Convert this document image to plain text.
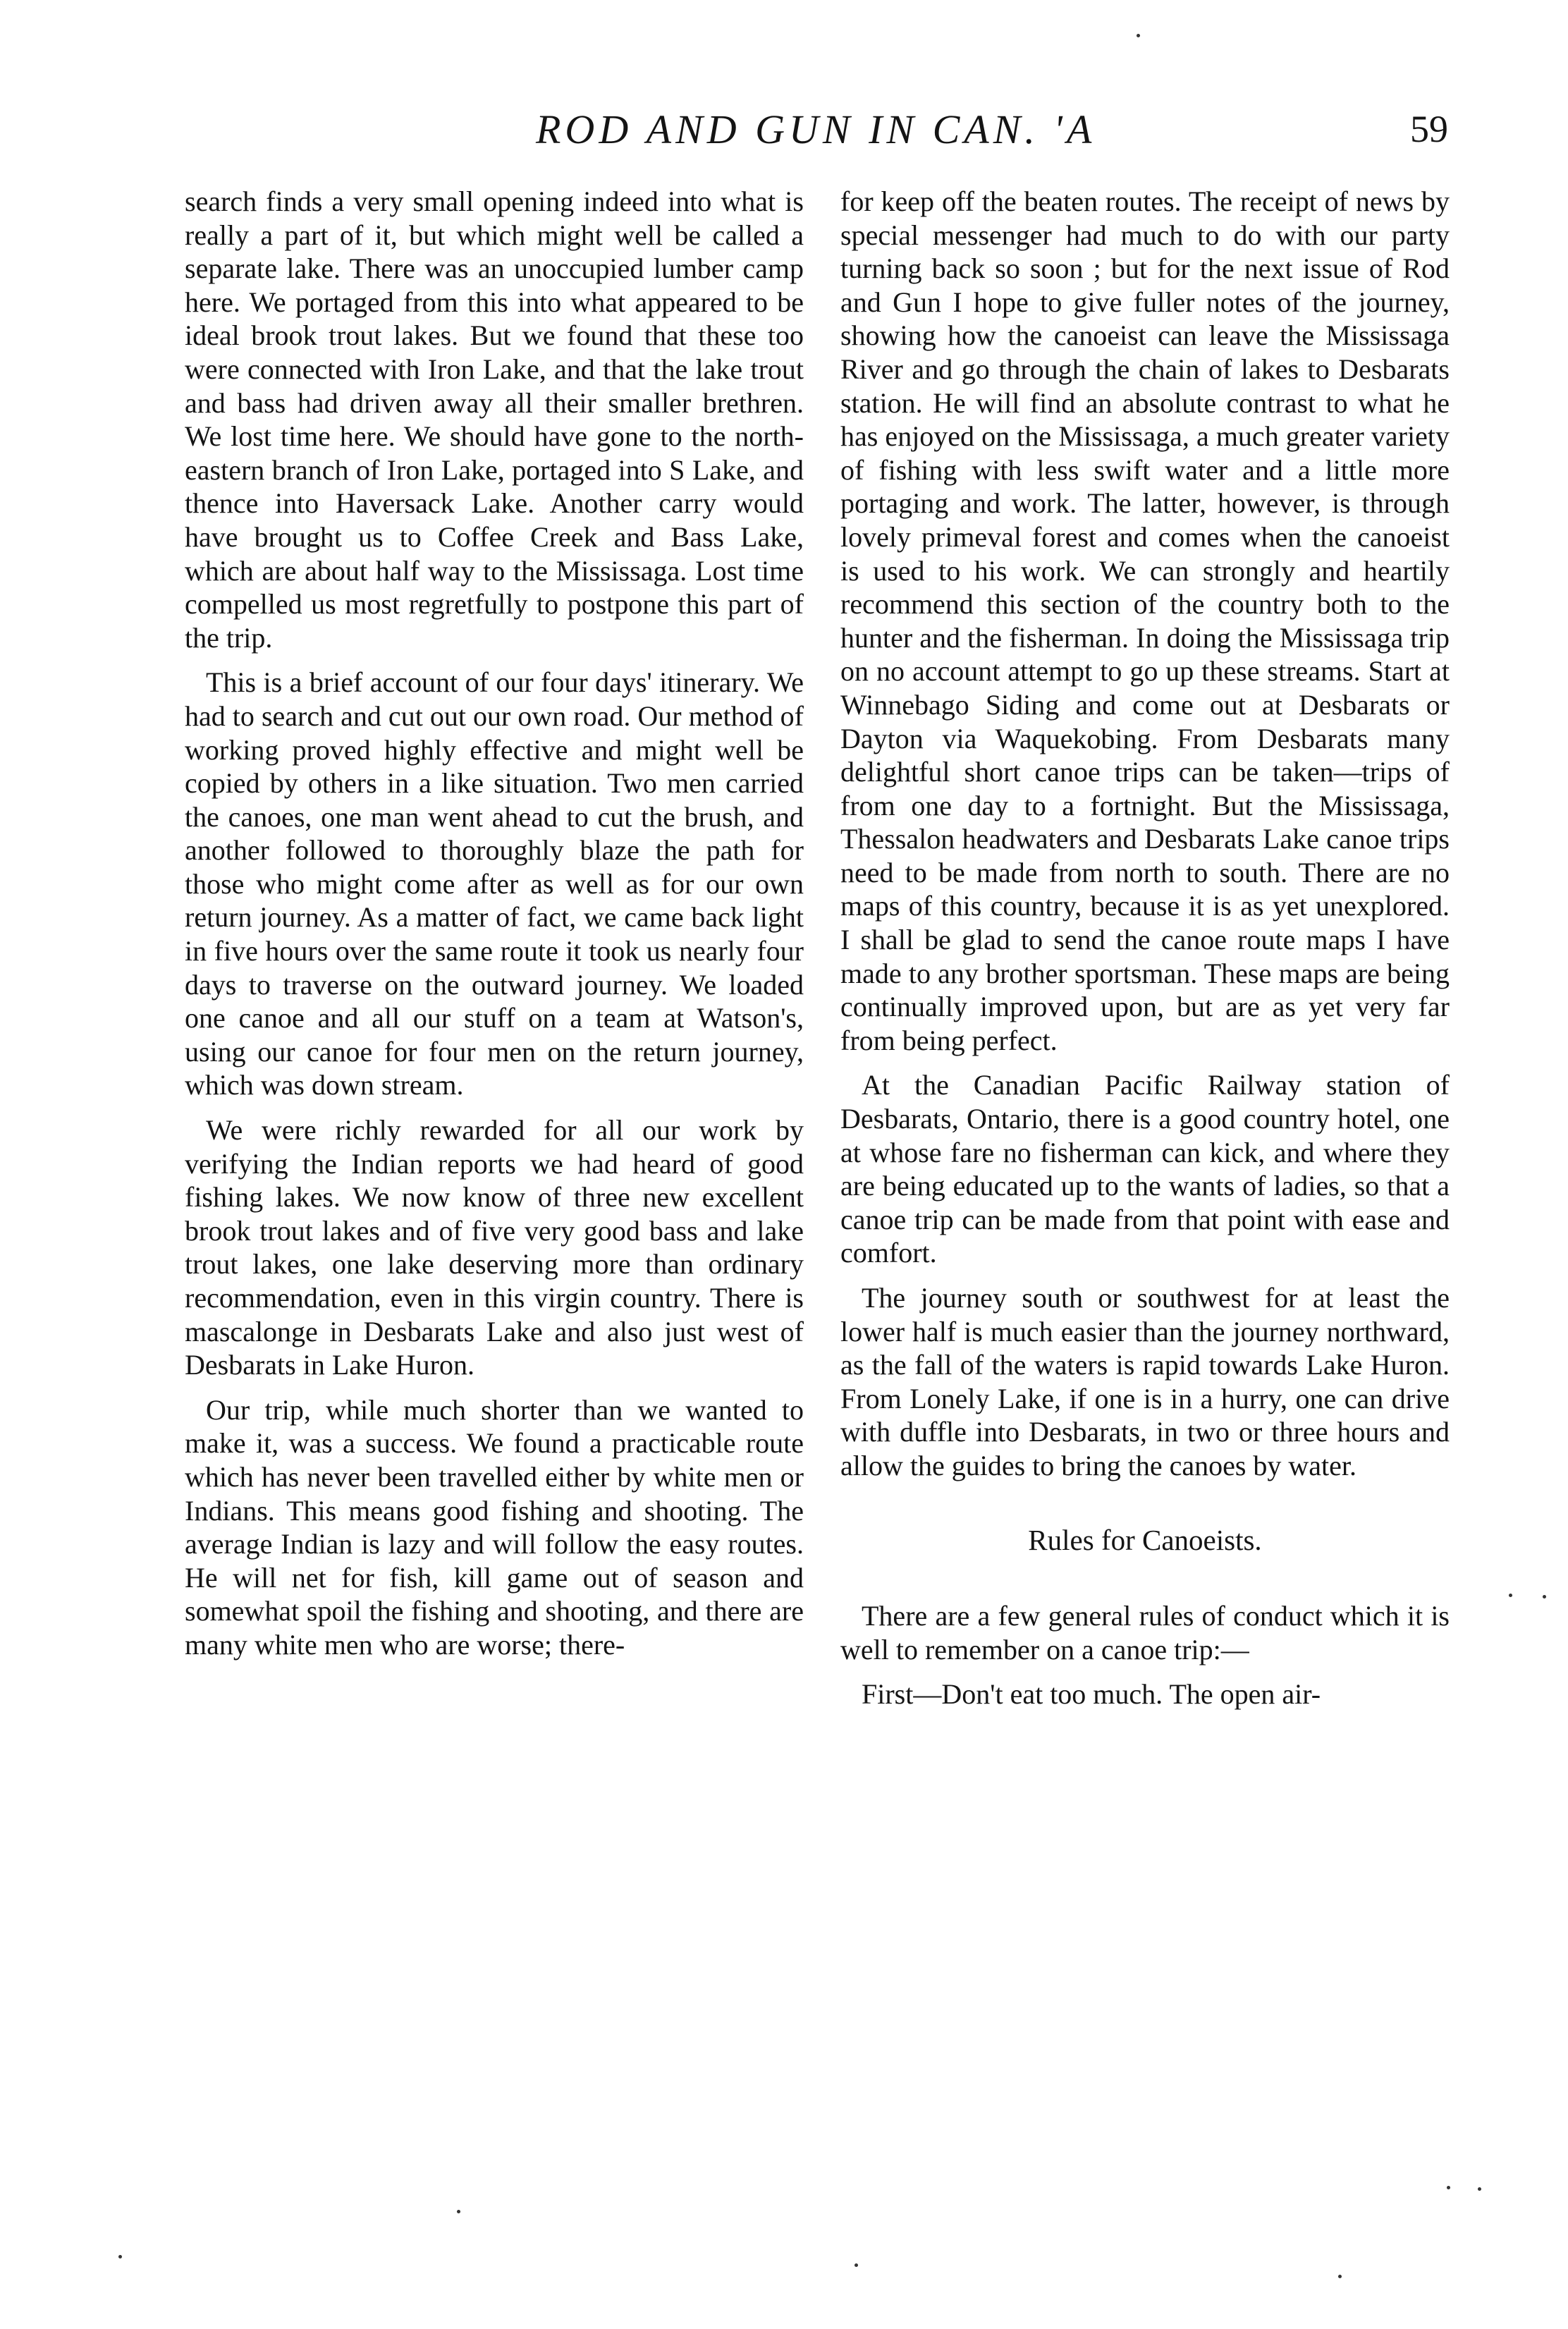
ROD AND GUN IN CAN. 'A	59

search finds a very small opening indeed into what is really a part of it, but which might well be called a separate lake. There was an unoccupied lumber camp here. We portaged from this into what appeared to be ideal brook trout lakes. But we found that these too were connected with Iron Lake, and that the lake trout and bass had driven away all their smaller brethren. We lost time here. We should have gone to the north-eastern branch of Iron Lake, portaged into S Lake, and thence into Haversack Lake. Another carry would have brought us to Coffee Creek and Bass Lake, which are about half way to the Mississaga. Lost time compelled us most regretfully to postpone this part of the trip.

This is a brief account of our four days' itinerary. We had to search and cut out our own road. Our method of working proved highly effective and might well be copied by others in a like situation. Two men carried the canoes, one man went ahead to cut the brush, and another followed to thoroughly blaze the path for those who might come after as well as for our own return journey. As a matter of fact, we came back light in five hours over the same route it took us nearly four days to traverse on the outward journey. We loaded one canoe and all our stuff on a team at Watson's, using our canoe for four men on the return journey, which was down stream.

We were richly rewarded for all our work by verifying the Indian reports we had heard of good fishing lakes. We now know of three new excellent brook trout lakes and of five very good bass and lake trout lakes, one lake deserving more than ordinary recommendation, even in this virgin country. There is mascalonge in Desbarats Lake and also just west of Desbarats in Lake Huron.

Our trip, while much shorter than we wanted to make it, was a success. We found a practicable route which has never been travelled either by white men or Indians. This means good fishing and shooting. The average Indian is lazy and will follow the easy routes. He will net for fish, kill game out of season and somewhat spoil the fishing and shooting, and there are many white men who are worse; there-

for keep off the beaten routes. The receipt of news by special messenger had much to do with our party turning back so soon ; but for the next issue of Rod and Gun I hope to give fuller notes of the journey, showing how the canoeist can leave the Mississaga River and go through the chain of lakes to Desbarats station. He will find an absolute contrast to what he has enjoyed on the Mississaga, a much greater variety of fishing with less swift water and a little more portaging and work. The latter, however, is through lovely primeval forest and comes when the canoeist is used to his work. We can strongly and heartily recommend this section of the country both to the hunter and the fisherman. In doing the Mississaga trip on no account attempt to go up these streams. Start at Winnebago Siding and come out at Desbarats or Dayton via Waquekobing. From Desbarats many delightful short canoe trips can be taken—trips of from one day to a fortnight. But the Mississaga, Thessalon headwaters and Desbarats Lake canoe trips need to be made from north to south. There are no maps of this country, because it is as yet unexplored. I shall be glad to send the canoe route maps I have made to any brother sportsman. These maps are being continually improved upon, but are as yet very far from being perfect.

At the Canadian Pacific Railway station of Desbarats, Ontario, there is a good country hotel, one at whose fare no fisherman can kick, and where they are being educated up to the wants of ladies, so that a canoe trip can be made from that point with ease and comfort.

The journey south or southwest for at least the lower half is much easier than the journey northward, as the fall of the waters is rapid towards Lake Huron. From Lonely Lake, if one is in a hurry, one can drive with duffle into Desbarats, in two or three hours and allow the guides to bring the canoes by water.

Rules for Canoeists.

There are a few general rules of conduct which it is well to remember on a canoe trip:—

First—Don't eat too much. The open air-
